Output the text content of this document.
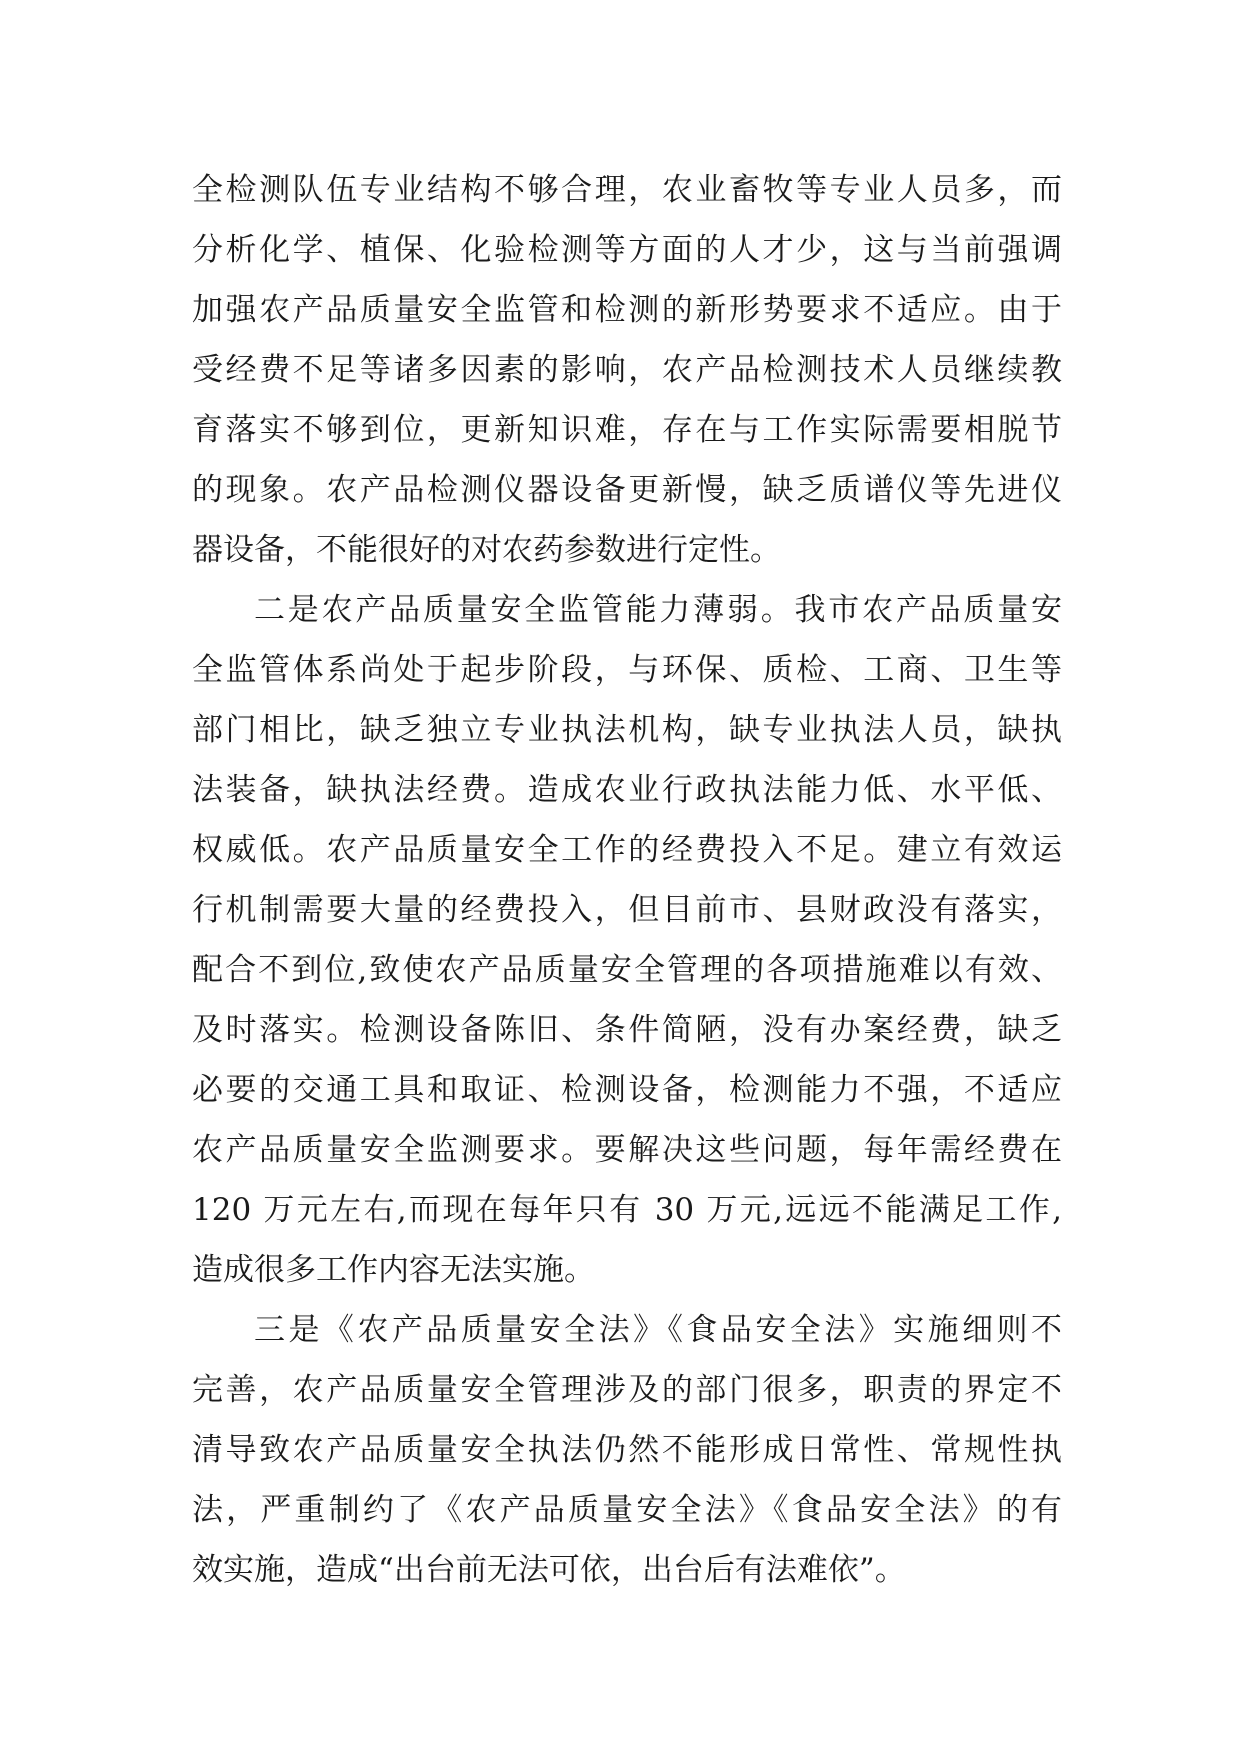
全检测队伍专业结构不够合理，农业畜牧等专业人员多，而
分析化学、植保、化验检测等方面的人才少，这与当前强调
加强农产品质量安全监管和检测的新形势要求不适应。由于
受经费不足等诸多因素的影响，农产品检测技术人员继续教
育落实不够到位，更新知识难，存在与工作实际需要相脱节
的现象。农产品检测仪器设备更新慢，缺乏质谱仪等先进仪
器设备，不能很好的对农药参数进行定性。
二是农产品质量安全监管能力薄弱。我市农产品质量安
全监管体系尚处于起步阶段，与环保、质检、工商、卫生等
部门相比，缺乏独立专业执法机构，缺专业执法人员，缺执
法装备，缺执法经费。造成农业行政执法能力低、水平低、
权威低。农产品质量安全工作的经费投入不足。建立有效运
行机制需要大量的经费投入，但目前市、县财政没有落实，
配合不到位,致使农产品质量安全管理的各项措施难以有效、
及时落实。检测设备陈旧、条件简陋，没有办案经费，缺乏
必要的交通工具和取证、检测设备，检测能力不强，不适应
农产品质量安全监测要求。要解决这些问题，每年需经费在
120 万元左右,而现在每年只有 30 万元,远远不能满足工作,
造成很多工作内容无法实施。
三是《农产品质量安全法》《食品安全法》实施细则不
完善，农产品质量安全管理涉及的部门很多，职责的界定不
清导致农产品质量安全执法仍然不能形成日常性、常规性执
法，严重制约了《农产品质量安全法》《食品安全法》的有
效实施，造成“出台前无法可依，出台后有法难依”。
